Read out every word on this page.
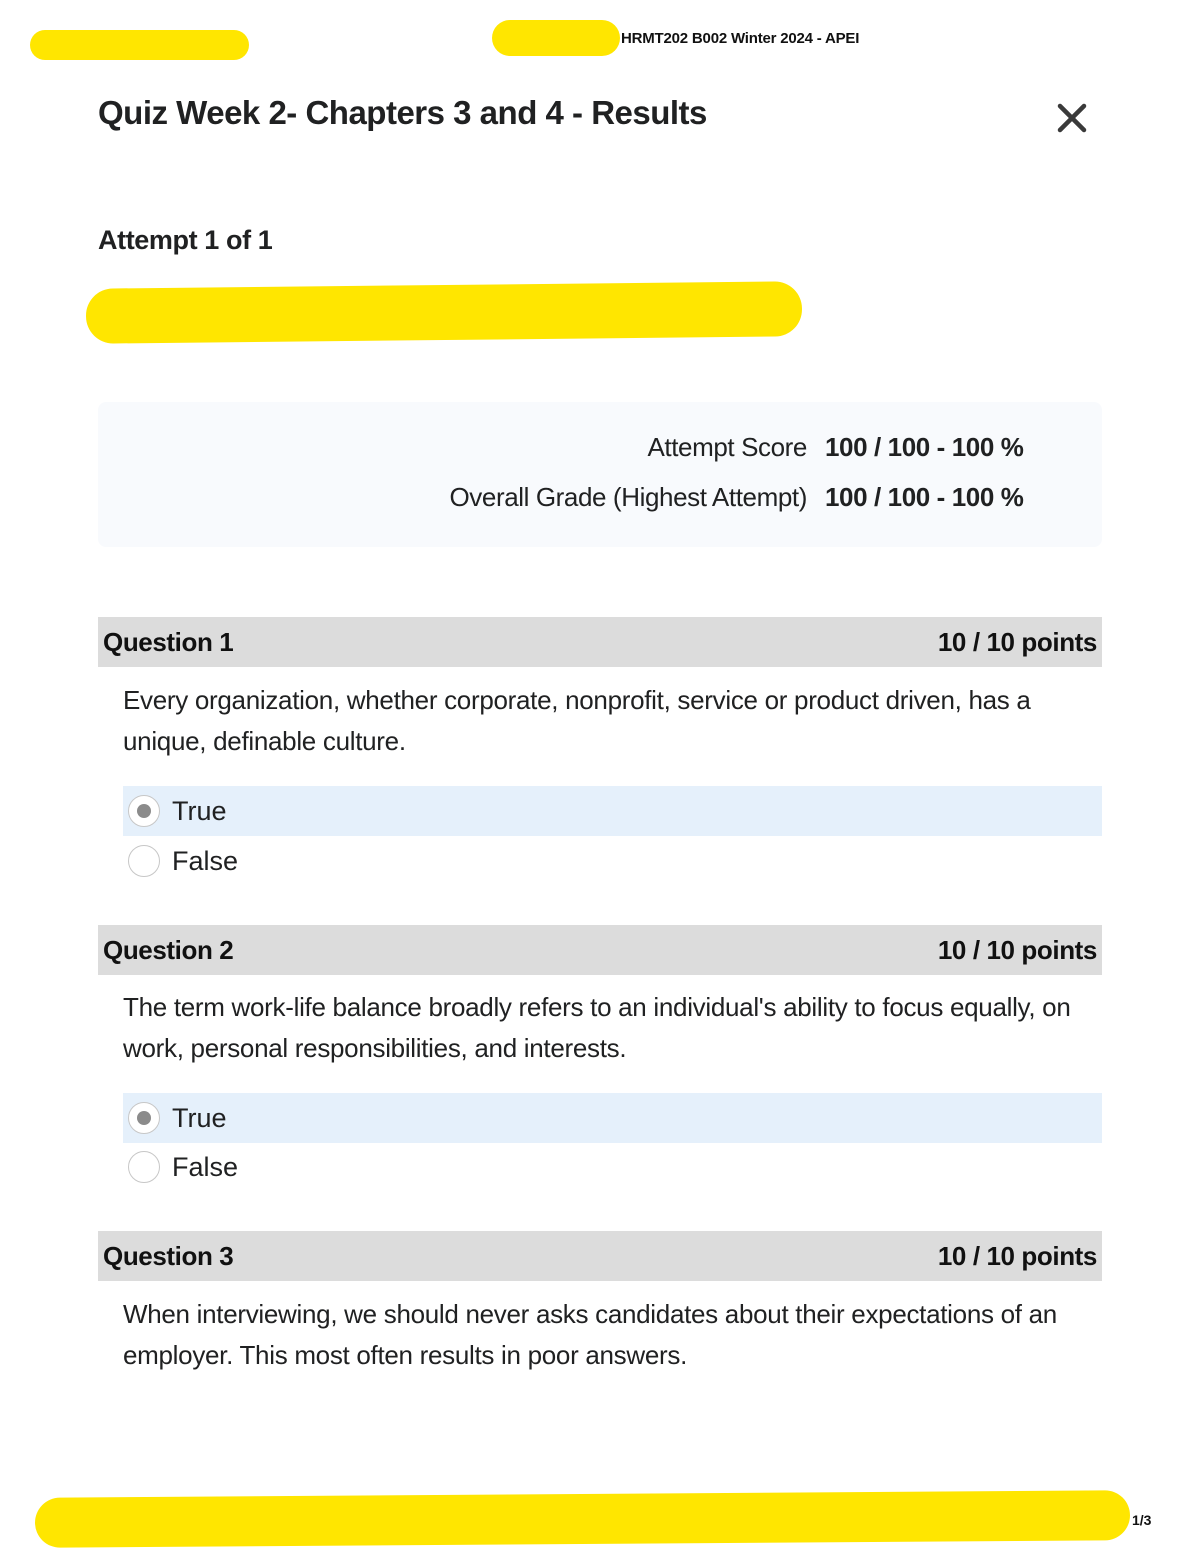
HRMT202 B002 Winter 2024 - APEI
Quiz Week 2- Chapters 3 and 4 - Results
Attempt 1 of 1
Attempt Score 100 / 100 - 100 %
Overall Grade (Highest Attempt) 100 / 100 - 100 %
Question 1	10 / 10 points
Every organization, whether corporate, nonprofit, service or product driven, has a unique, definable culture.
True
False
Question 2	10 / 10 points
The term work-life balance broadly refers to an individual's ability to focus equally, on work, personal responsibilities, and interests.
True
False
Question 3	10 / 10 points
When interviewing, we should never asks candidates about their expectations of an employer. This most often results in poor answers.
1/3
